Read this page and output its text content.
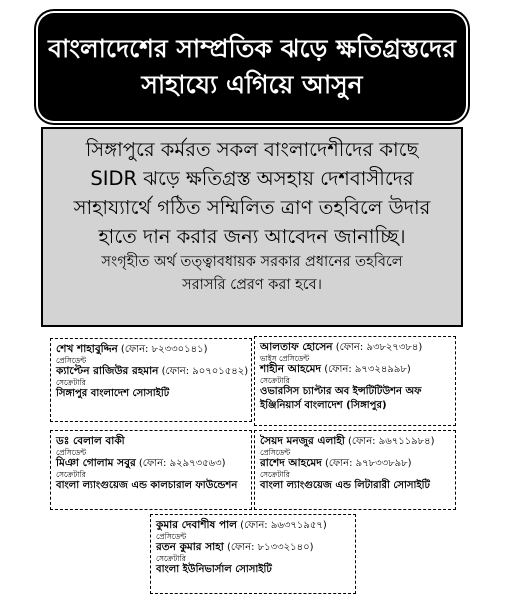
বাংলাদেশের সাম্প্রতিক ঝড়ে ক্ষতিগ্রস্তদের
সাহায্যে এগিয়ে আসুন
সিঙ্গাপুরে কর্মরত সকল বাংলাদেশীদের কাছে
SIDR ঝড়ে ক্ষতিগ্রস্ত অসহায় দেশবাসীদের
সাহায্যার্থে গঠিত সম্মিলিত ত্রাণ তহবিলে উদার
হাতে দান করার জন্য আবেদন জানাচ্ছি।
সংগৃহীত অর্থ তত্ত্বাবধায়ক সরকার প্রধানের তহবিলে
সরাসরি প্রেরণ করা হবে।
শেখ শাহাবুদ্দিন (ফোন: ৮২৩৩০১৪১)
প্রেসিডেন্ট
ক্যাপ্টেন রাজিউর রহমান (ফোন: ৯০৭০১৫৪২)
সেক্রেটারি
সিঙ্গাপুর বাংলাদেশ সোসাইটি
আলতাফ হোসেন (ফোন: ৯৩৮২৭৩৮৪)
ভাইস প্রেসিডেন্ট
শাহীন আহমেদ (ফোন: ৯৭৩২৪৯৯৮)
সেক্রেটারি
ওভারসিস চ্যাপ্টার অব ইন্সটিটিউশন অফ
ইঞ্জিনিয়ার্স বাংলাদেশ (সিঙ্গাপুর)
ডঃ বেলাল বাকী
প্রেসিডেন্ট
মিঞা গোলাম সবুর (ফোন: ৯২৯৭৩৫৬৩)
সেক্রেটারি
বাংলা ল্যাংগুয়েজ এন্ড কালচারাল ফাউন্ডেশন
সৈয়দ মনজুর এলাহী (ফোন: ৯৬৭১১৯৮৪)
প্রেসিডেন্ট
রাশেদ আহমেদ (ফোন: ৯৭৮৩৩৮৯৮)
সেক্রেটারি
বাংলা ল্যাংগুয়েজ এন্ড লিটারারী সোসাইটি
কুমার দেবাশীষ পাল (ফোন: ৯৬৩৭১৯৫৭)
প্রেসিডেন্ট
রতন কুমার সাহা (ফোন: ৮১৩৩২১৪০)
সেক্রেটারি
বাংলা ইউনিভার্সাল সোসাইটি
